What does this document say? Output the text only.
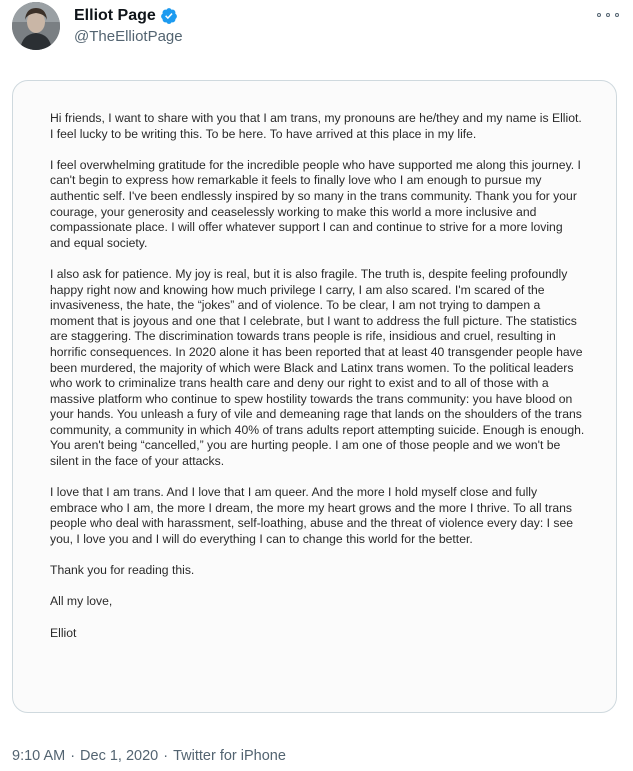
Elliot Page
@TheElliotPage

Hi friends, I want to share with you that I am trans, my pronouns are he/they and my name is Elliot. I feel lucky to be writing this. To be here. To have arrived at this place in my life.

I feel overwhelming gratitude for the incredible people who have supported me along this journey. I can't begin to express how remarkable it feels to finally love who I am enough to pursue my authentic self. I've been endlessly inspired by so many in the trans community. Thank you for your courage, your generosity and ceaselessly working to make this world a more inclusive and compassionate place. I will offer whatever support I can and continue to strive for a more loving and equal society.

I also ask for patience. My joy is real, but it is also fragile. The truth is, despite feeling profoundly happy right now and knowing how much privilege I carry, I am also scared. I'm scared of the invasiveness, the hate, the “jokes” and of violence. To be clear, I am not trying to dampen a moment that is joyous and one that I celebrate, but I want to address the full picture. The statistics are staggering. The discrimination towards trans people is rife, insidious and cruel, resulting in horrific consequences. In 2020 alone it has been reported that at least 40 transgender people have been murdered, the majority of which were Black and Latinx trans women. To the political leaders who work to criminalize trans health care and deny our right to exist and to all of those with a massive platform who continue to spew hostility towards the trans community: you have blood on your hands. You unleash a fury of vile and demeaning rage that lands on the shoulders of the trans community, a community in which 40% of trans adults report attempting suicide. Enough is enough. You aren't being “cancelled,” you are hurting people. I am one of those people and we won't be silent in the face of your attacks.

I love that I am trans. And I love that I am queer. And the more I hold myself close and fully embrace who I am, the more I dream, the more my heart grows and the more I thrive. To all trans people who deal with harassment, self-loathing, abuse and the threat of violence every day: I see you, I love you and I will do everything I can to change this world for the better.

Thank you for reading this.

All my love,

Elliot

9:10 AM · Dec 1, 2020 · Twitter for iPhone
